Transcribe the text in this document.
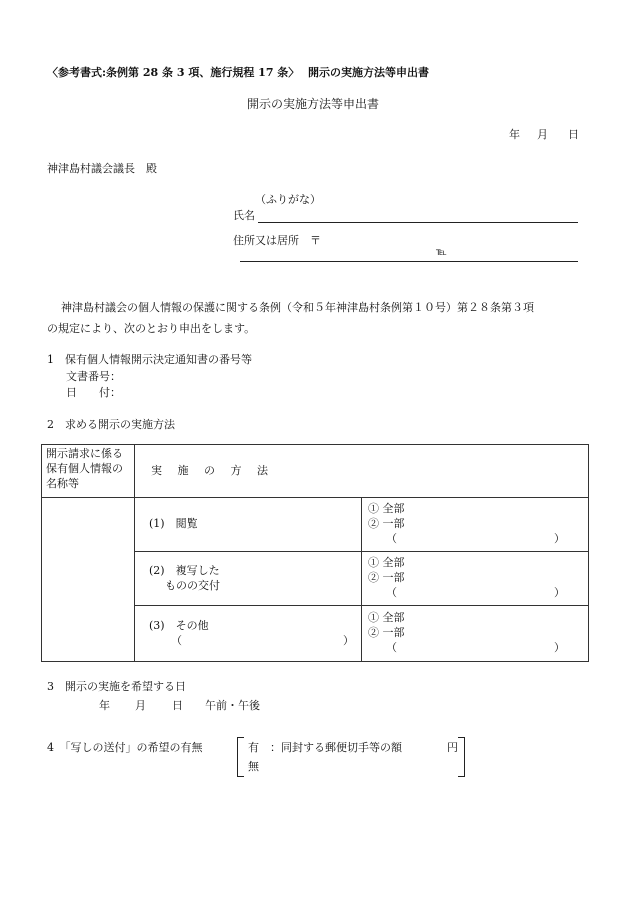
〈参考書式:条例第 28 条 3 項、施行規程 17 条〉 開示の実施方法等申出書
開示の実施方法等申出書
年 月 日
神津島村議会議長　殿
（ふりがな）
氏名
住所又は居所　〒
℡
神津島村議会の個人情報の保護に関する条例（令和５年神津島村条例第１０号）第２８条第３項
の規定により、次のとおり申出をします。
1　保有個人情報開示決定通知書の番号等
文書番号：
日　　付：
2　求める開示の実施方法
開示請求に係る保有個人情報の名称等	実 施 の 方 法	
	(1)　閲覧	① 全部
② 一部
（ ）

	(2)　複写した
ものの交付	① 全部
② 一部
（ ）

	(3)　その他
（ ）	① 全部
② 一部
（ ）
3　開示の実施を希望する日
年 月 日 午前・午後
4　「写しの送付」の希望の有無	有　：同封する郵便切手等の額	円
無
